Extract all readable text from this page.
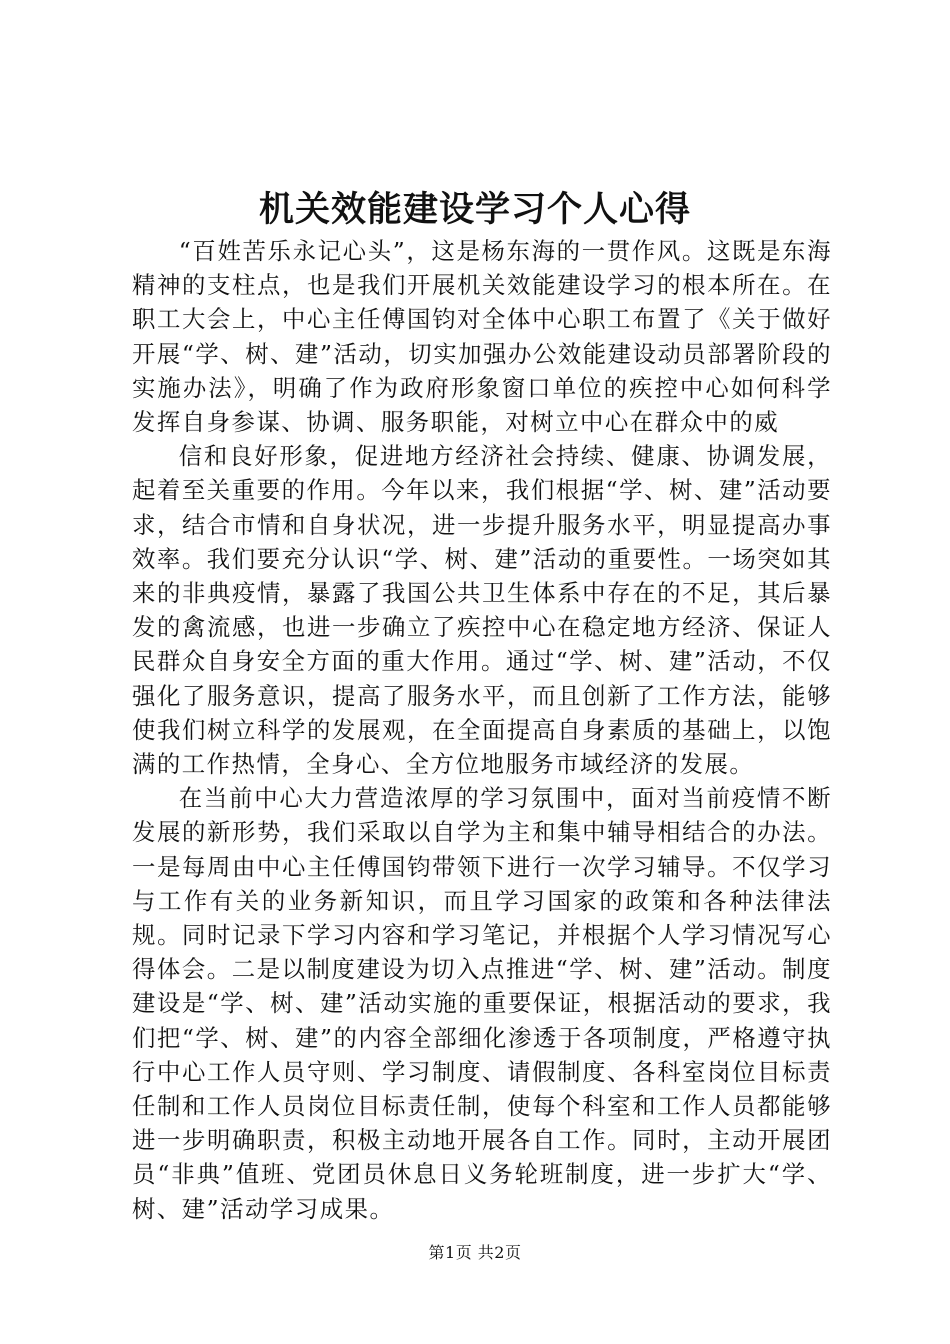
机关效能建设学习个人心得

“百姓苦乐永记心头”，这是杨东海的一贯作风。这既是东海精神的支柱点，也是我们开展机关效能建设学习的根本所在。在职工大会上，中心主任傅国钧对全体中心职工布置了《关于做好开展“学、树、建”活动，切实加强办公效能建设动员部署阶段的实施办法》，明确了作为政府形象窗口单位的疾控中心如何科学发挥自身参谋、协调、服务职能，对树立中心在群众中的威

信和良好形象，促进地方经济社会持续、健康、协调发展，起着至关重要的作用。今年以来，我们根据“学、树、建”活动要求，结合市情和自身状况，进一步提升服务水平，明显提高办事效率。我们要充分认识“学、树、建”活动的重要性。一场突如其来的非典疫情，暴露了我国公共卫生体系中存在的不足，其后暴发的禽流感，也进一步确立了疾控中心在稳定地方经济、保证人民群众自身安全方面的重大作用。通过“学、树、建”活动，不仅强化了服务意识，提高了服务水平，而且创新了工作方法，能够使我们树立科学的发展观，在全面提高自身素质的基础上，以饱满的工作热情，全身心、全方位地服务市域经济的发展。

在当前中心大力营造浓厚的学习氛围中，面对当前疫情不断发展的新形势，我们采取以自学为主和集中辅导相结合的办法。一是每周由中心主任傅国钧带领下进行一次学习辅导。不仅学习与工作有关的业务新知识，而且学习国家的政策和各种法律法规。同时记录下学习内容和学习笔记，并根据个人学习情况写心得体会。二是以制度建设为切入点推进“学、树、建”活动。制度建设是“学、树、建”活动实施的重要保证，根据活动的要求，我们把“学、树、建”的内容全部细化渗透于各项制度，严格遵守执行中心工作人员守则、学习制度、请假制度、各科室岗位目标责任制和工作人员岗位目标责任制，使每个科室和工作人员都能够进一步明确职责，积极主动地开展各自工作。同时，主动开展团员“非典”值班、党团员休息日义务轮班制度，进一步扩大“学、树、建”活动学习成果。

第1页 共2页
